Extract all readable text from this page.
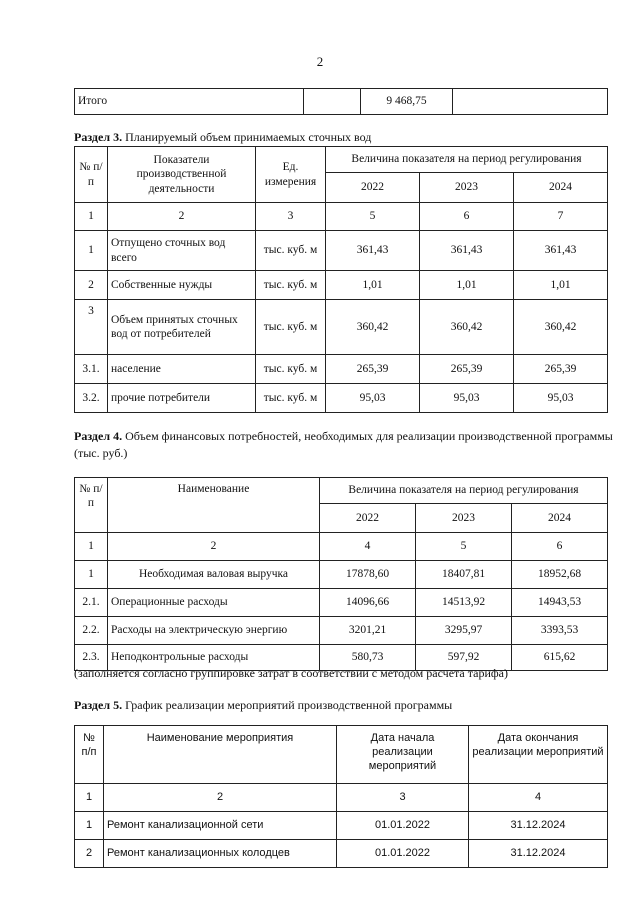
2
Итого		9 468,75	
Раздел 3. Планируемый объем принимаемых сточных вод
№ п/п	Показатели производственной деятельности	Ед. измерения	Величина показателя на период регулирования		
			2022	2023	2024
1	2	3	5	6	7
1	Отпущено сточных вод всего	тыс. куб. м	361,43	361,43	361,43
2	Собственные нужды	тыс. куб. м	1,01	1,01	1,01
3	Объем принятых сточных вод от потребителей	тыс. куб. м	360,42	360,42	360,42
3.1.	население	тыс. куб. м	265,39	265,39	265,39
3.2.	прочие потребители	тыс. куб. м	95,03	95,03	95,03
Раздел 4. Объем финансовых потребностей, необходимых для реализации производственной программы (тыс. руб.)
№ п/п	Наименование	Величина показателя на период регулирования		
		2022	2023	2024
1	2	4	5	6
1	Необходимая валовая выручка	17878,60	18407,81	18952,68
2.1.	Операционные расходы	14096,66	14513,92	14943,53
2.2.	Расходы на электрическую энергию	3201,21	3295,97	3393,53
2.3.	Неподконтрольные расходы	580,73	597,92	615,62
(заполняется согласно группировке затрат в соответствии с методом расчета тарифа)
Раздел 5. График реализации мероприятий производственной программы
№ п/п	Наименование мероприятия	Дата начала реализации мероприятий	Дата окончания реализации мероприятий
1	2	3	4
1	Ремонт канализационной сети	01.01.2022	31.12.2024
2	Ремонт канализационных колодцев	01.01.2022	31.12.2024
